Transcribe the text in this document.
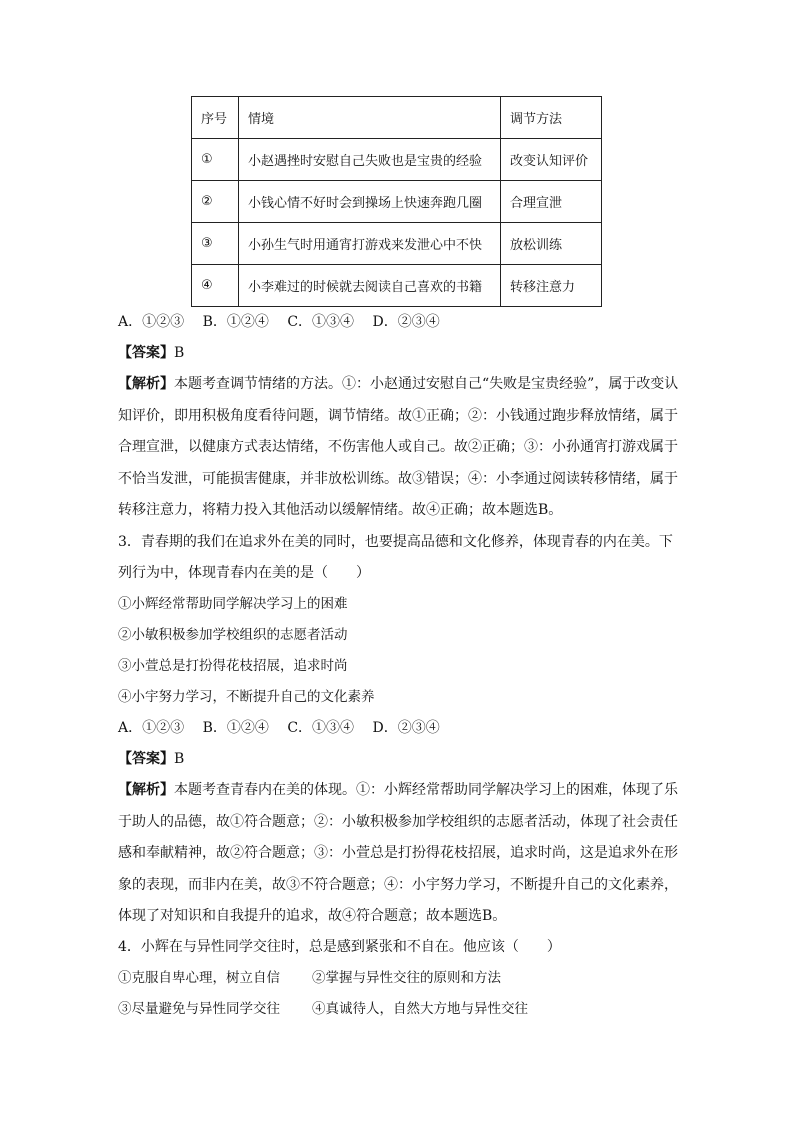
序号	情境	调节方法
①	小赵遇挫时安慰自己失败也是宝贵的经验	改变认知评价
②	小钱心情不好时会到操场上快速奔跑几圈	合理宣泄
③	小孙生气时用通宵打游戏来发泄心中不快	放松训练
④	小李难过的时候就去阅读自己喜欢的书籍	转移注意力
A．①②③ B．①②④ C．①③④ D．②③④
【答案】B
【解析】本题考查调节情绪的方法。①：小赵通过安慰自己“失败是宝贵经验”，属于改变认知评价，即用积极角度看待问题，调节情绪。故①正确；②：小钱通过跑步释放情绪，属于合理宣泄，以健康方式表达情绪，不伤害他人或自己。故②正确；③：小孙通宵打游戏属于不恰当发泄，可能损害健康，并非放松训练。故③错误；④：小李通过阅读转移情绪，属于转移注意力，将精力投入其他活动以缓解情绪。故④正确；故本题选B。
3．青春期的我们在追求外在美的同时，也要提高品德和文化修养，体现青春的内在美。下
列行为中，体现青春内在美的是（　　）
①小辉经常帮助同学解决学习上的困难
②小敏积极参加学校组织的志愿者活动
③小萱总是打扮得花枝招展，追求时尚
④小宇努力学习，不断提升自己的文化素养
A．①②③ B．①②④ C．①③④ D．②③④
【答案】B
【解析】本题考查青春内在美的体现。①：小辉经常帮助同学解决学习上的困难，体现了乐于助人的品德，故①符合题意；②：小敏积极参加学校组织的志愿者活动，体现了社会责任感和奉献精神，故②符合题意；③：小萱总是打扮得花枝招展，追求时尚，这是追求外在形象的表现，而非内在美，故③不符合题意；④：小宇努力学习，不断提升自己的文化素养，体现了对知识和自我提升的追求，故④符合题意；故本题选B。
4．小辉在与异性同学交往时，总是感到紧张和不自在。他应该（　　）
①克服自卑心理，树立自信 ②掌握与异性交往的原则和方法
③尽量避免与异性同学交往 ④真诚待人，自然大方地与异性交往
